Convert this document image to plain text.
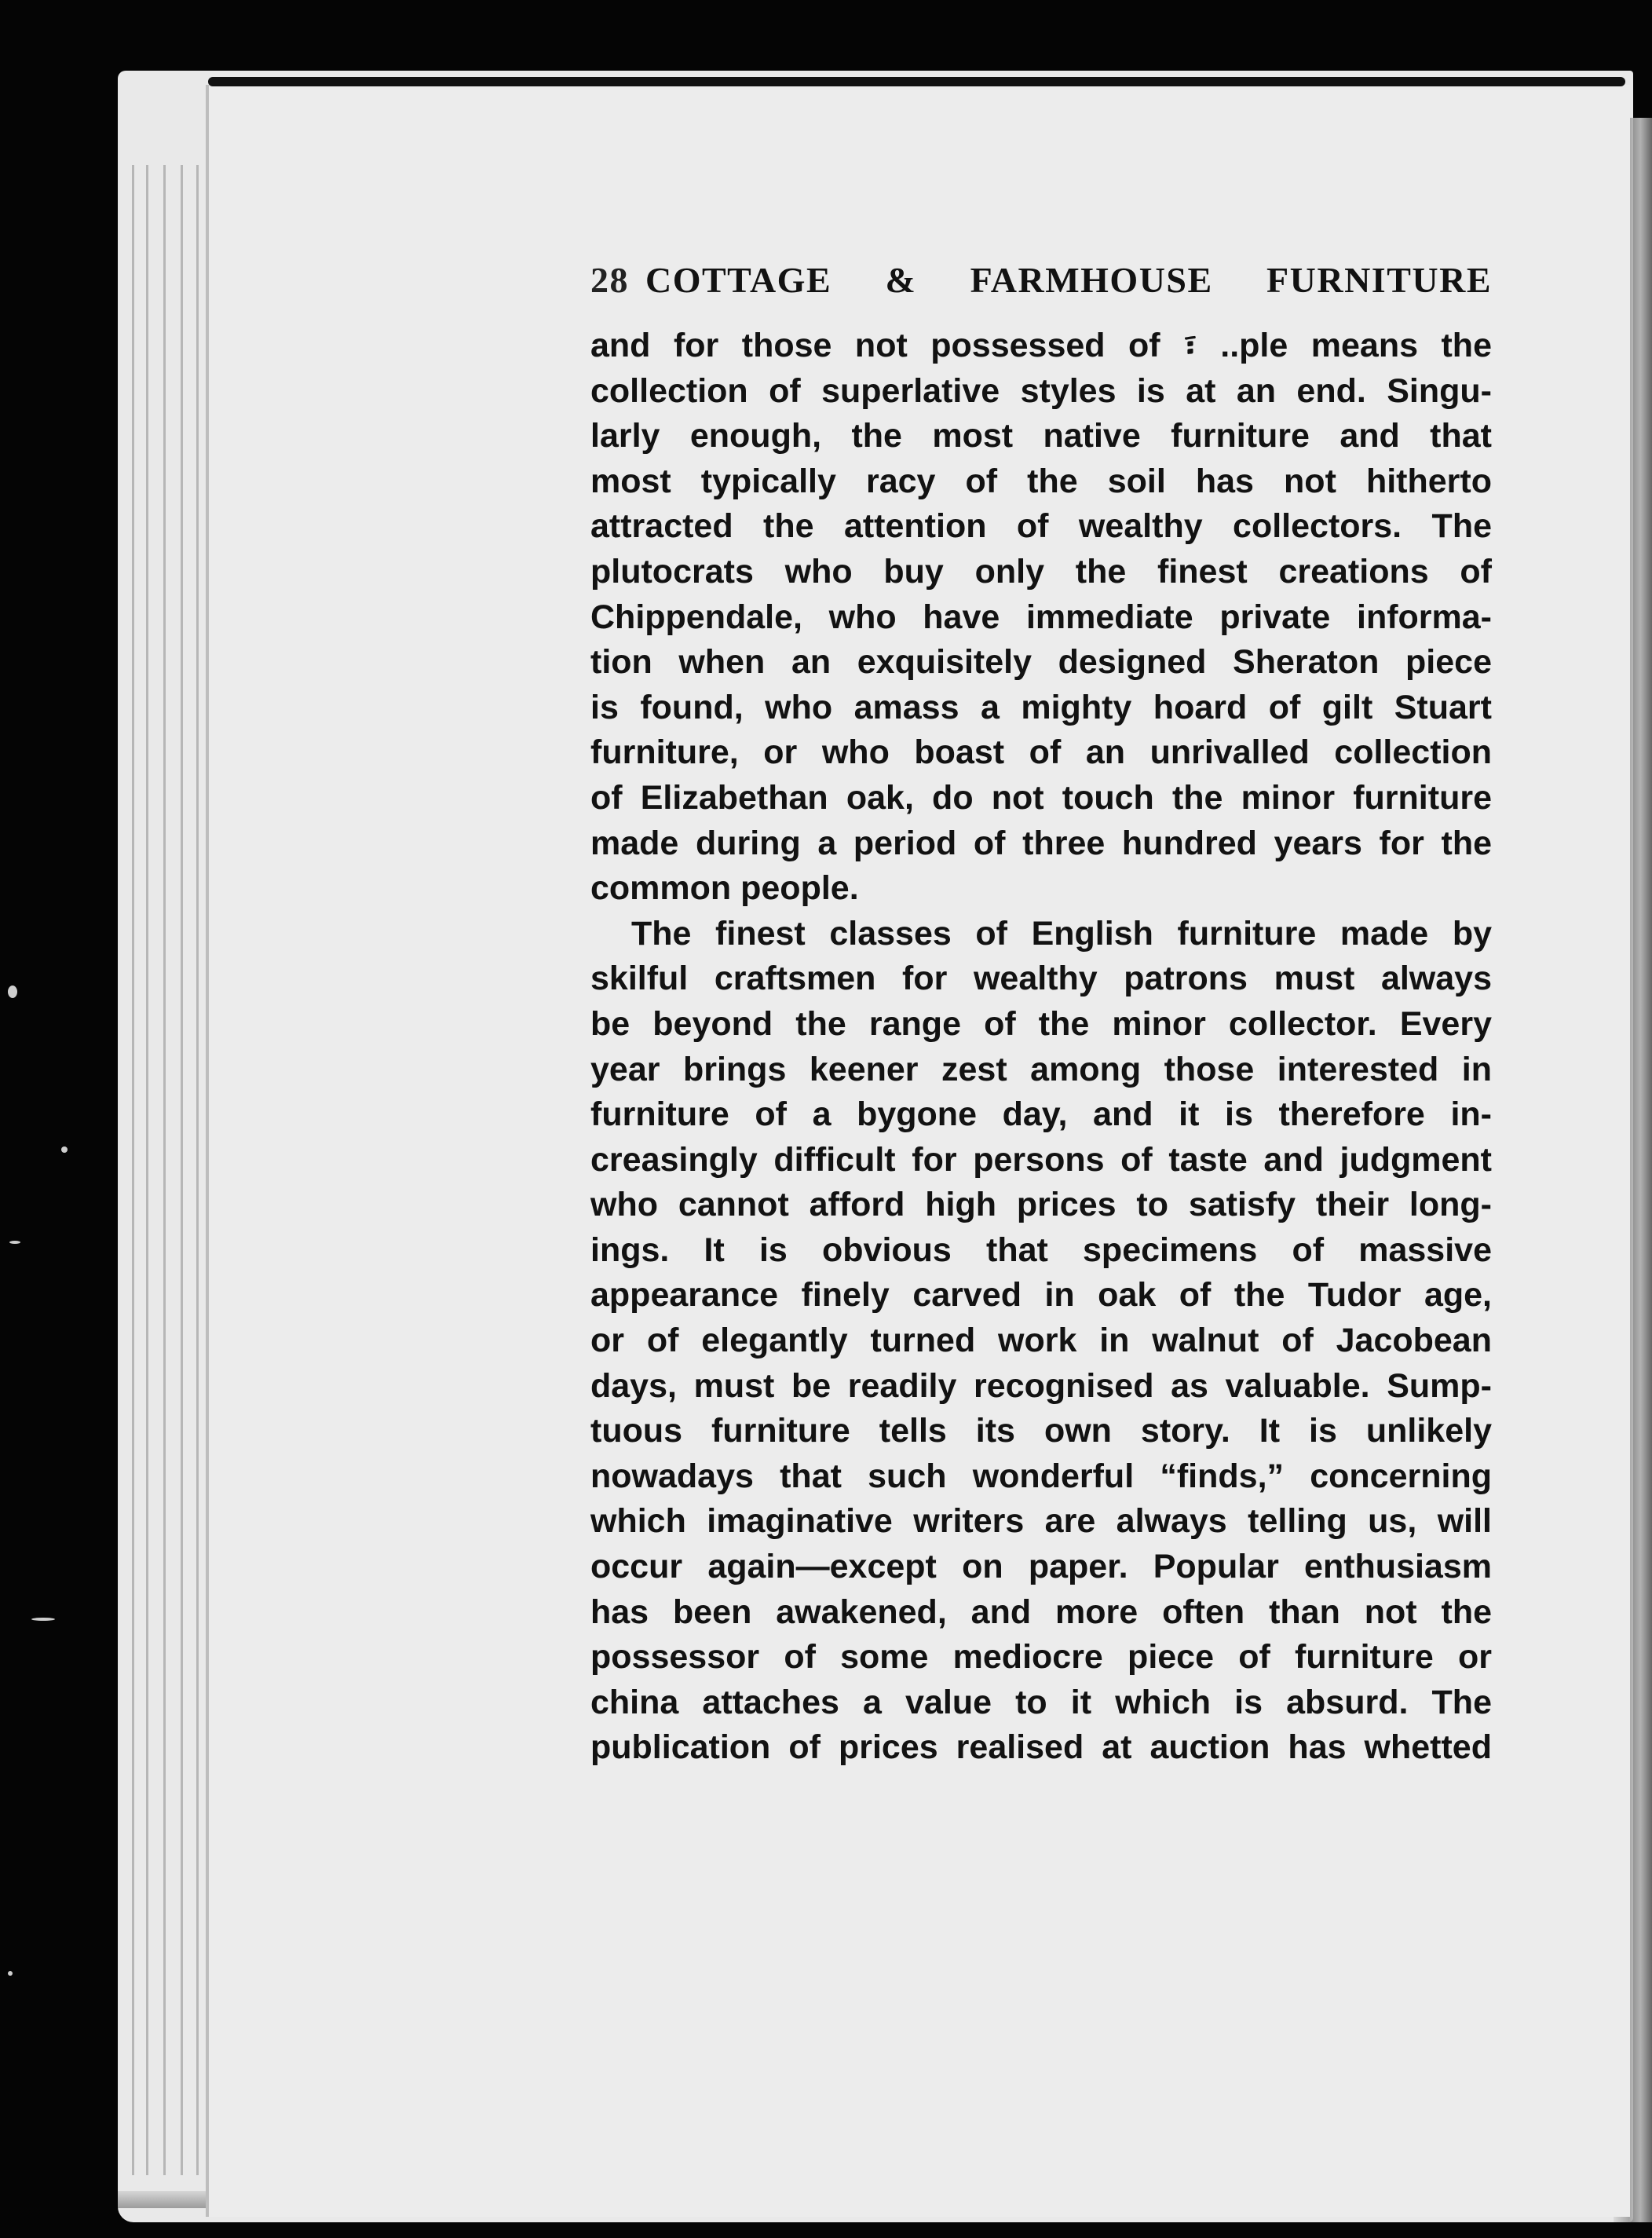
28 COTTAGE & FARMHOUSE FURNITURE
and for those not possessed of ፣ ..ple means the
collection of superlative styles is at an end. Singu-
larly enough, the most native furniture and that
most typically racy of the soil has not hitherto
attracted the attention of wealthy collectors. The
plutocrats who buy only the finest creations of
Chippendale, who have immediate private informa-
tion when an exquisitely designed Sheraton piece
is found, who amass a mighty hoard of gilt Stuart
furniture, or who boast of an unrivalled collection
of Elizabethan oak, do not touch the minor furniture
made during a period of three hundred years for the
common people.
The finest classes of English furniture made by
skilful craftsmen for wealthy patrons must always
be beyond the range of the minor collector. Every
year brings keener zest among those interested in
furniture of a bygone day, and it is therefore in-
creasingly difficult for persons of taste and judgment
who cannot afford high prices to satisfy their long-
ings. It is obvious that specimens of massive
appearance finely carved in oak of the Tudor age,
or of elegantly turned work in walnut of Jacobean
days, must be readily recognised as valuable. Sump-
tuous furniture tells its own story. It is unlikely
nowadays that such wonderful “finds,” concerning
which imaginative writers are always telling us, will
occur again—except on paper. Popular enthusiasm
has been awakened, and more often than not the
possessor of some mediocre piece of furniture or
china attaches a value to it which is absurd. The
publication of prices realised at auction has whetted
